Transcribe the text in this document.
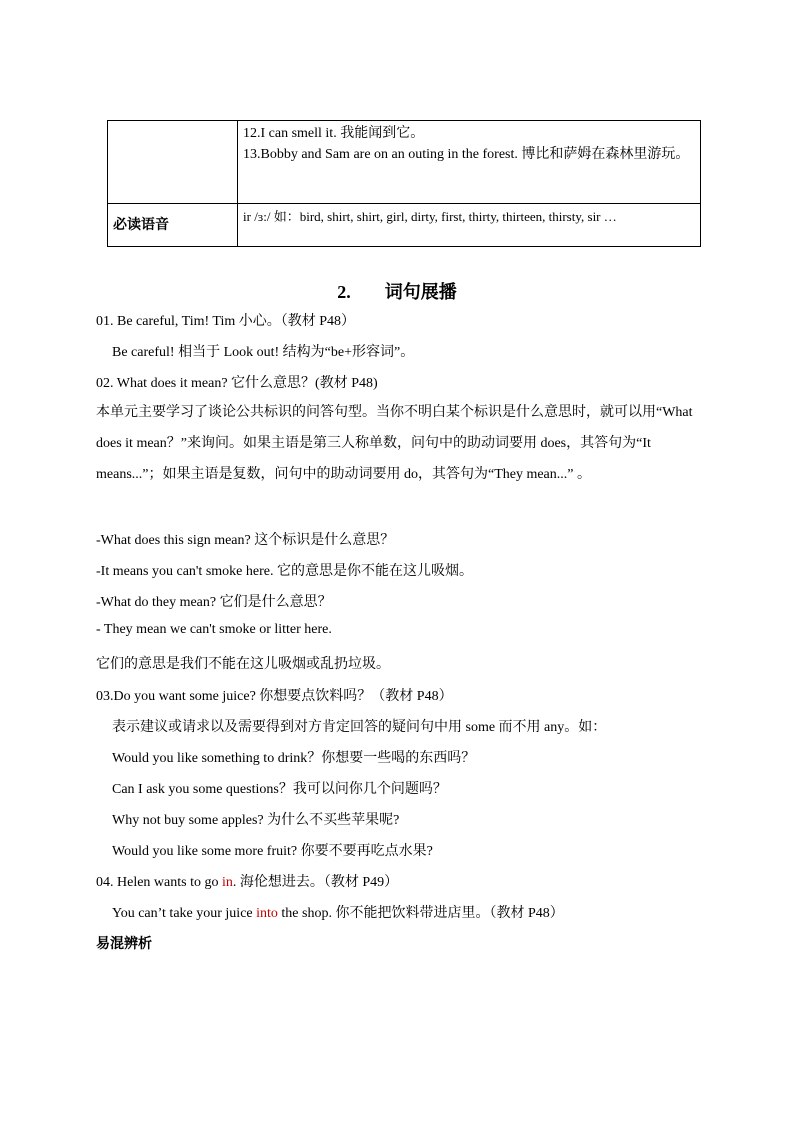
	12.I can smell it. 我能闻到它。
13.Bobby and Sam are on an outing in the forest. 博比和萨姆在森林里游玩。

必读语音	ir /ɜ:/ 如：bird, shirt, shirt, girl, dirty, first, thirty, thirteen, thirsty, sir …
2. 词句展播
01. Be careful, Tim! Tim 小心。（教材 P48）
Be careful! 相当于 Look out! 结构为“be+形容词”。
02. What does it mean? 它什么意思？(教材 P48)
本单元主要学习了谈论公共标识的问答句型。当你不明白某个标识是什么意思时，就可以用“What does it mean？”来询问。如果主语是第三人称单数，问句中的助动词要用 does，其答句为“It means...”；如果主语是复数，问句中的助动词要用 do，其答句为“They mean...” 。
-What does this sign mean? 这个标识是什么意思？
-It means you can't smoke here. 它的意思是你不能在这儿吸烟。
-What do they mean? 它们是什么意思？
- They mean we can't smoke or litter here.
它们的意思是我们不能在这儿吸烟或乱扔垃圾。
03.Do you want some juice? 你想要点饮料吗？（教材 P48）
表示建议或请求以及需要得到对方肯定回答的疑问句中用 some 而不用 any。如：
Would you like something to drink？你想要一些喝的东西吗？
Can I ask you some questions？我可以问你几个问题吗？
Why not buy some apples? 为什么不买些苹果呢?
Would you like some more fruit? 你要不要再吃点水果?
04. Helen wants to go in. 海伦想进去。（教材 P49）
You can’t take your juice into the shop. 你不能把饮料带进店里。（教材 P48）
易混辨析
